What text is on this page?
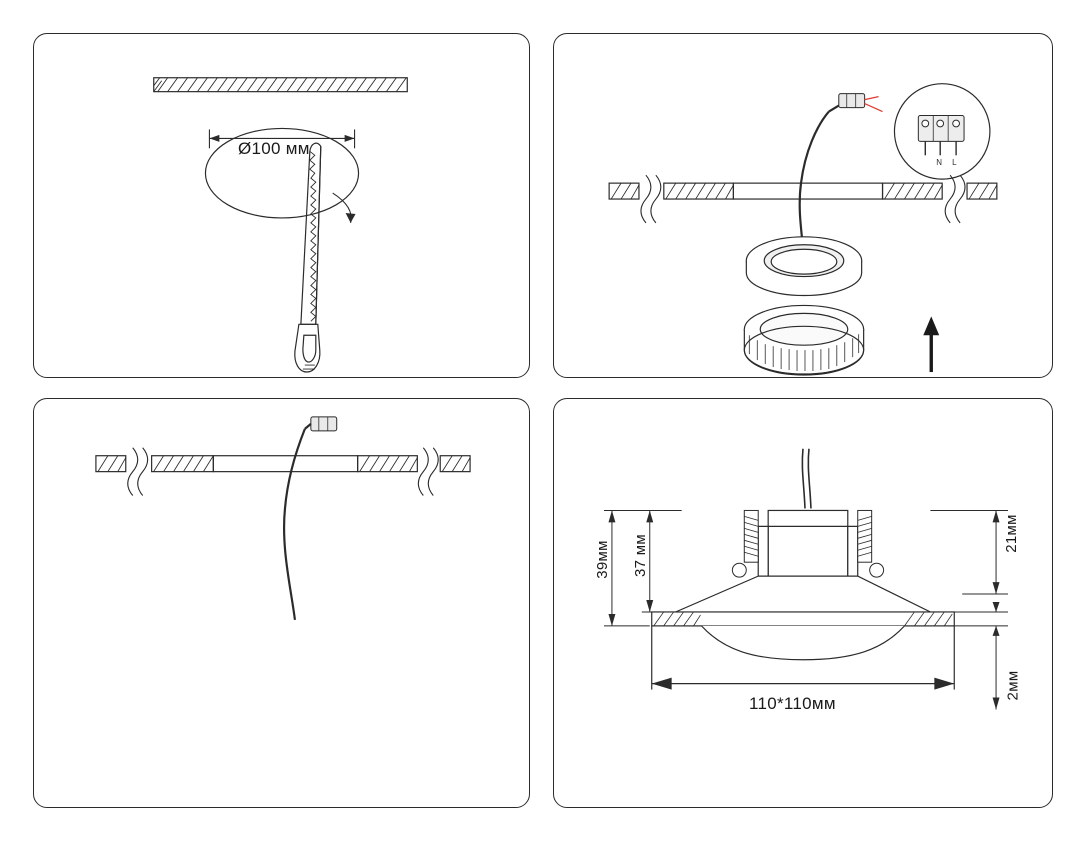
Ø100 мм
N L
39мм 37 мм
21мм
2мм
110*110мм
